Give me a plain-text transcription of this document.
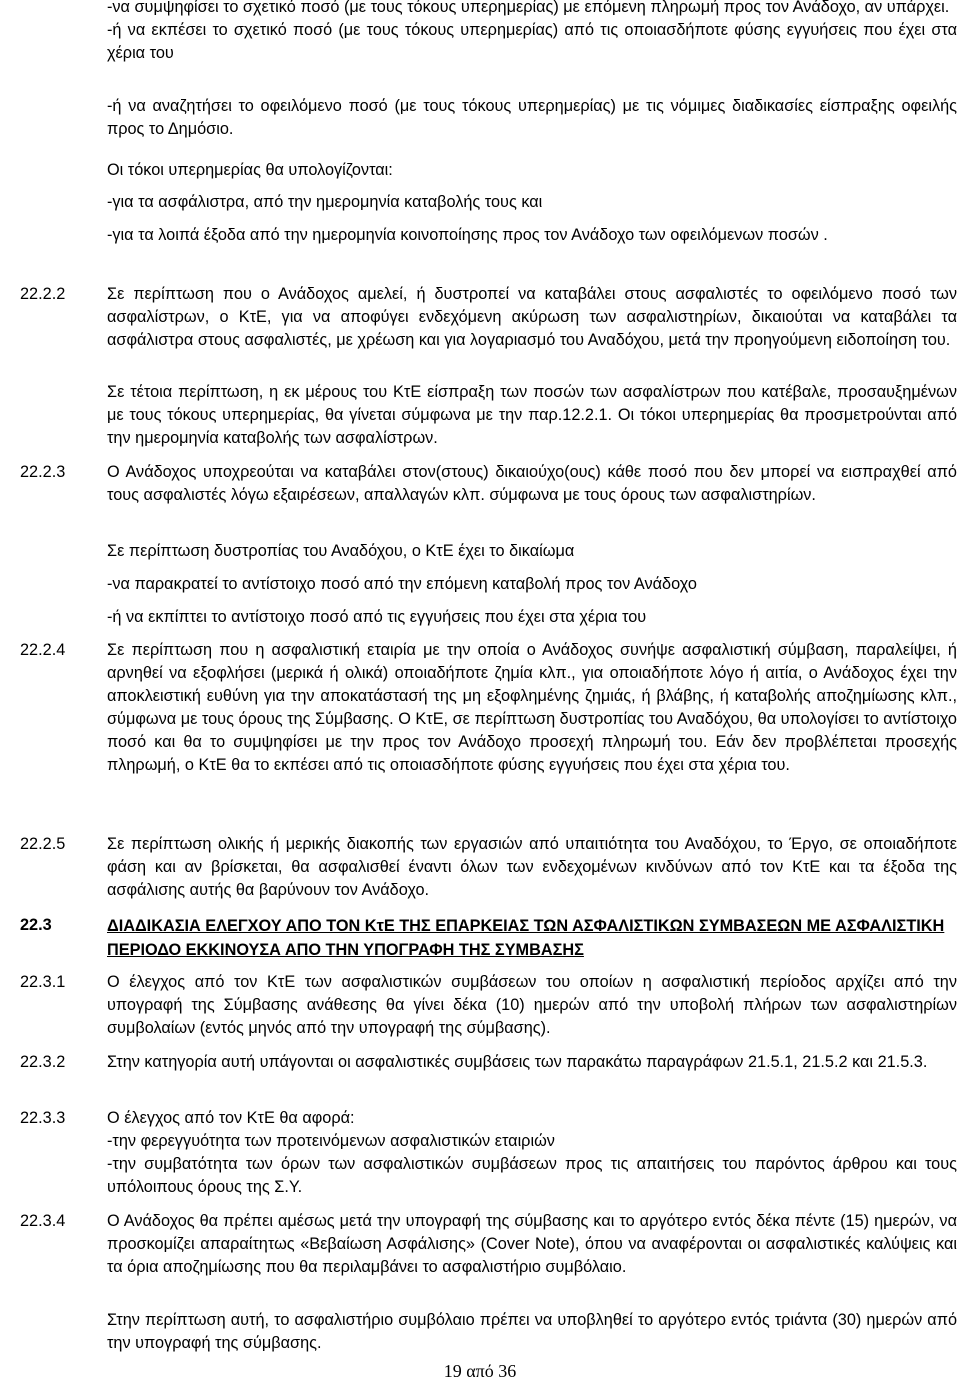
-να συμψηφίσει το σχετικό ποσό (με τους τόκους υπερημερίας) με επόμενη πληρωμή προς τον Ανάδοχο, αν υπάρχει.

-ή να εκπέσει το σχετικό ποσό (με τους τόκους υπερημερίας) από τις οποιασδήποτε φύσης εγγυήσεις που έχει στα χέρια του

-ή να αναζητήσει το οφειλόμενο ποσό (με τους τόκους υπερημερίας) με τις νόμιμες διαδικασίες είσπραξης οφειλής προς το Δημόσιο.

Οι τόκοι υπερημερίας θα υπολογίζονται:

-για τα ασφάλιστρα, από την ημερομηνία καταβολής τους και

-για τα λοιπά έξοδα από την ημερομηνία κοινοποίησης προς τον Ανάδοχο των οφειλόμενων ποσών .

22.2.2	Σε περίπτωση που ο Ανάδοχος αμελεί, ή δυστροπεί να καταβάλει στους ασφαλιστές το οφειλόμενο ποσό των ασφαλίστρων, ο ΚτΕ, για να αποφύγει ενδεχόμενη ακύρωση των ασφαλιστηρίων, δικαιούται να καταβάλει τα ασφάλιστρα στους ασφαλιστές, με χρέωση και για λογαριασμό του Αναδόχου, μετά την προηγούμενη ειδοποίηση του.

Σε τέτοια περίπτωση, η εκ μέρους του ΚτΕ είσπραξη των ποσών των ασφαλίστρων που κατέβαλε, προσαυξημένων με τους τόκους υπερημερίας, θα γίνεται σύμφωνα με την παρ.12.2.1. Οι τόκοι υπερημερίας θα προσμετρούνται από την ημερομηνία καταβολής των ασφαλίστρων.

22.2.3	Ο Ανάδοχος υποχρεούται να καταβάλει στον(στους) δικαιούχο(ους) κάθε ποσό που δεν μπορεί να εισπραχθεί από τους ασφαλιστές λόγω εξαιρέσεων, απαλλαγών κλπ. σύμφωνα με τους όρους των ασφαλιστηρίων.

Σε περίπτωση δυστροπίας του Αναδόχου, ο ΚτΕ έχει το δικαίωμα

-να παρακρατεί το αντίστοιχο ποσό από την επόμενη καταβολή προς τον Ανάδοχο

-ή να εκπίπτει το αντίστοιχο ποσό από τις εγγυήσεις που έχει στα χέρια του

22.2.4	Σε περίπτωση που η ασφαλιστική εταιρία με την οποία ο Ανάδοχος συνήψε ασφαλιστική σύμβαση, παραλείψει, ή αρνηθεί να εξοφλήσει (μερικά ή ολικά) οποιαδήποτε ζημία κλπ., για οποιαδήποτε λόγο ή αιτία, ο Ανάδοχος έχει την αποκλειστική ευθύνη για την αποκατάστασή της μη εξοφλημένης ζημιάς, ή βλάβης, ή καταβολής αποζημίωσης κλπ., σύμφωνα με τους όρους της Σύμβασης. Ο ΚτΕ, σε περίπτωση δυστροπίας του Αναδόχου, θα υπολογίσει το αντίστοιχο ποσό και θα το συμψηφίσει με την προς τον Ανάδοχο προσεχή πληρωμή του. Εάν δεν προβλέπεται προσεχής πληρωμή, ο ΚτΕ θα το εκπέσει από τις οποιασδήποτε φύσης εγγυήσεις που έχει στα χέρια του.

22.2.5	Σε περίπτωση ολικής ή μερικής διακοπής των εργασιών από υπαιτιότητα του Αναδόχου, το Έργο, σε οποιαδήποτε φάση και αν βρίσκεται, θα ασφαλισθεί έναντι όλων των ενδεχομένων κινδύνων από τον ΚτΕ και τα έξοδα της ασφάλισης αυτής θα βαρύνουν τον Ανάδοχο.

22.3	ΔΙΑΔΙΚΑΣΙΑ ΕΛΕΓΧΟΥ ΑΠΟ ΤΟΝ ΚτΕ ΤΗΣ ΕΠΑΡΚΕΙΑΣ ΤΩΝ ΑΣΦΑΛΙΣΤΙΚΩΝ ΣΥΜΒΑΣΕΩΝ ΜΕ ΑΣΦΑΛΙΣΤΙΚΗ ΠΕΡΙΟΔΟ ΕΚΚΙΝΟΥΣΑ ΑΠΟ ΤΗΝ ΥΠΟΓΡΑΦΗ ΤΗΣ ΣΥΜΒΑΣΗΣ
22.3.1	Ο έλεγχος από τον ΚτΕ των ασφαλιστικών συμβάσεων του οποίων η ασφαλιστική περίοδος αρχίζει από την υπογραφή της Σύμβασης ανάθεσης θα γίνει δέκα (10) ημερών από την υποβολή πλήρων των ασφαλιστηρίων συμβολαίων (εντός μηνός από την υπογραφή της σύμβασης).

22.3.2	Στην κατηγορία αυτή υπάγονται οι ασφαλιστικές συμβάσεις των παρακάτω παραγράφων 21.5.1, 21.5.2 και 21.5.3.

22.3.3	Ο έλεγχος από τον ΚτΕ θα αφορά:

-την φερεγγυότητα των προτεινόμενων ασφαλιστικών εταιριών

-την συμβατότητα των όρων των ασφαλιστικών συμβάσεων προς τις απαιτήσεις του παρόντος άρθρου και τους υπόλοιπους όρους της Σ.Υ.

22.3.4	Ο Ανάδοχος θα πρέπει αμέσως μετά την υπογραφή της σύμβασης και το αργότερο εντός δέκα πέντε (15) ημερών, να προσκομίζει απαραίτητως «Βεβαίωση Ασφάλισης» (Cover Note), όπου να αναφέρονται οι ασφαλιστικές καλύψεις και τα όρια αποζημίωσης που θα περιλαμβάνει το ασφαλιστήριο συμβόλαιο.

Στην περίπτωση αυτή, το ασφαλιστήριο συμβόλαιο πρέπει να υποβληθεί το αργότερο εντός τριάντα (30) ημερών από την υπογραφή της σύμβασης.

19 από 36
